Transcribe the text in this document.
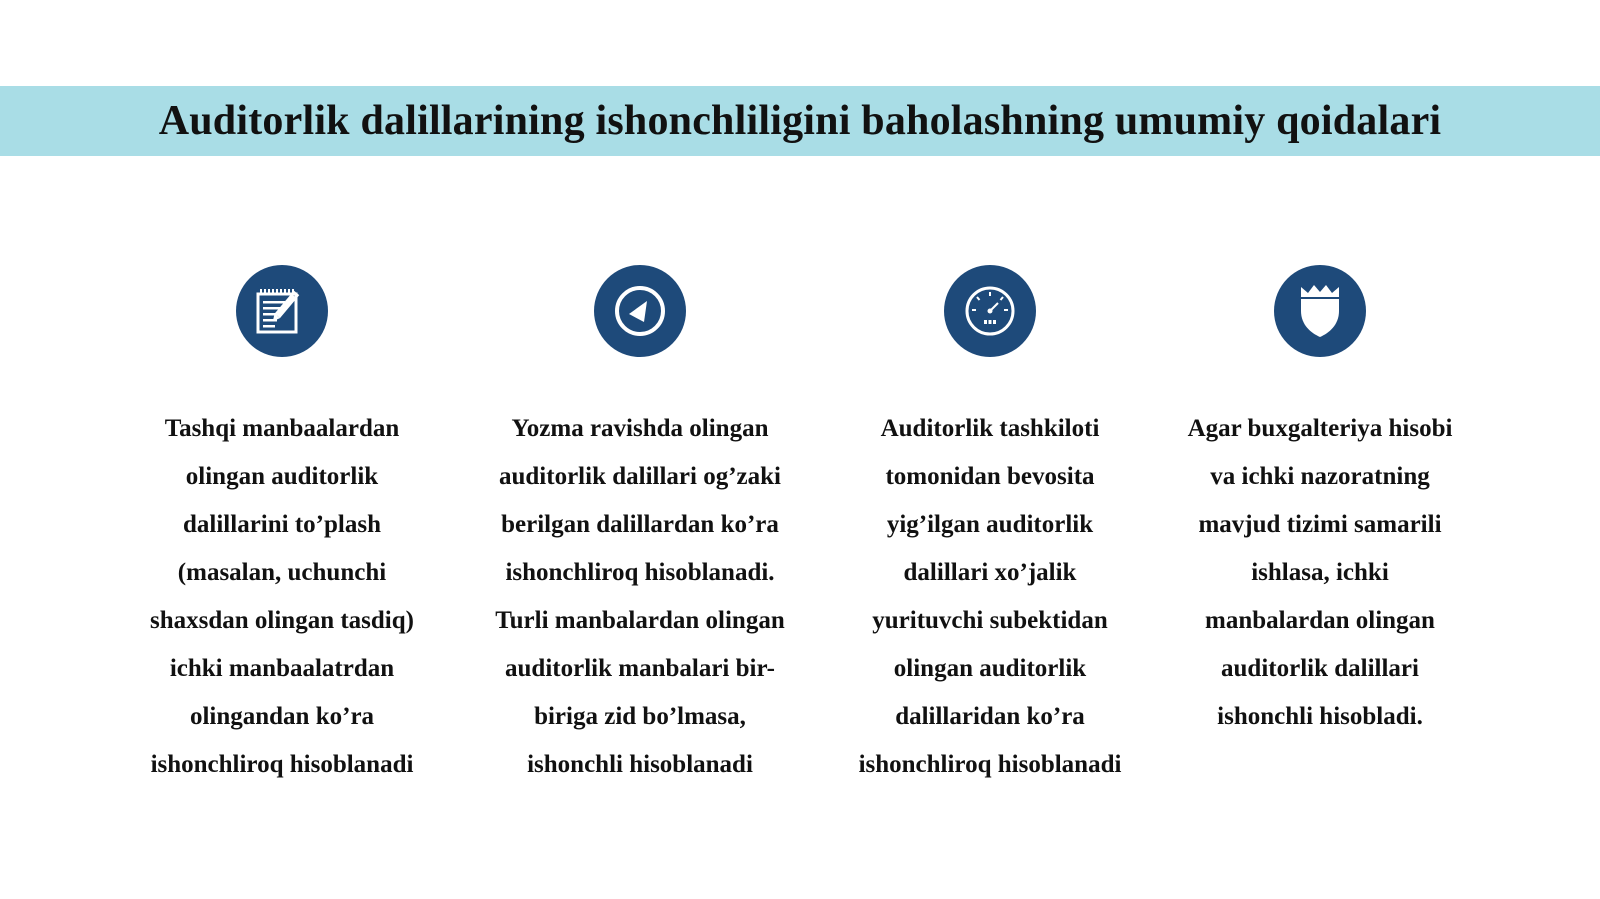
Auditorlik dalillarining ishonchliligini baholashning umumiy qoidalari
Tashqi manbaalardan
olingan auditorlik
dalillarini to’plash
(masalan, uchunchi
shaxsdan olingan tasdiq)
ichki manbaalatrdan
olingandan ko’ra
ishonchliroq hisoblanadi
Yozma ravishda olingan
auditorlik dalillari og’zaki
berilgan dalillardan ko’ra
ishonchliroq hisoblanadi.
Turli manbalardan olingan
auditorlik manbalari bir-
biriga zid bo’lmasa,
ishonchli hisoblanadi
Auditorlik tashkiloti
tomonidan bevosita
yig’ilgan auditorlik
dalillari xo’jalik
yurituvchi subektidan
olingan auditorlik
dalillaridan ko’ra
ishonchliroq hisoblanadi
Agar buxgalteriya hisobi
va ichki nazoratning
mavjud tizimi samarili
ishlasa, ichki
manbalardan olingan
auditorlik dalillari
ishonchli hisobladi.
